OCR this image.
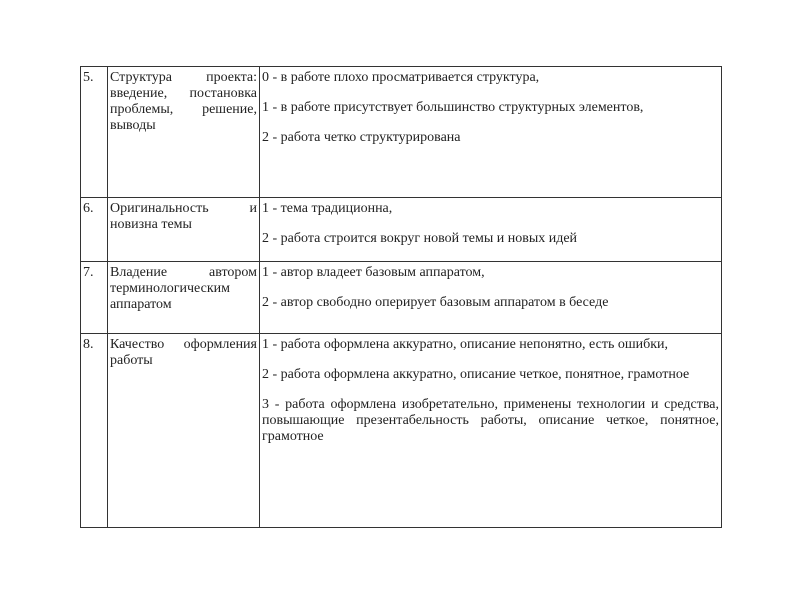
5.	Структура проекта: введение, постановка проблемы, решение, выводы	0 - в работе плохо просматривается структура,
1 - в работе присутствует большинство структурных элементов,
2 - работа четко структурирована

6.	Оригинальность и новизна темы	1 - тема традиционна,
2 - работа строится вокруг новой темы и новых идей

7.	Владение автором терминологическим аппаратом	1 - автор владеет базовым аппаратом,
2 - автор свободно оперирует базовым аппаратом в беседе

8.	Качество оформления работы	1 - работа оформлена аккуратно, описание непонятно, есть ошибки,
2 - работа оформлена аккуратно, описание четкое, понятное, грамотное
3 - работа оформлена изобретательно, применены технологии и средства, повышающие презентабельность работы, описание четкое, понятное, грамотное
